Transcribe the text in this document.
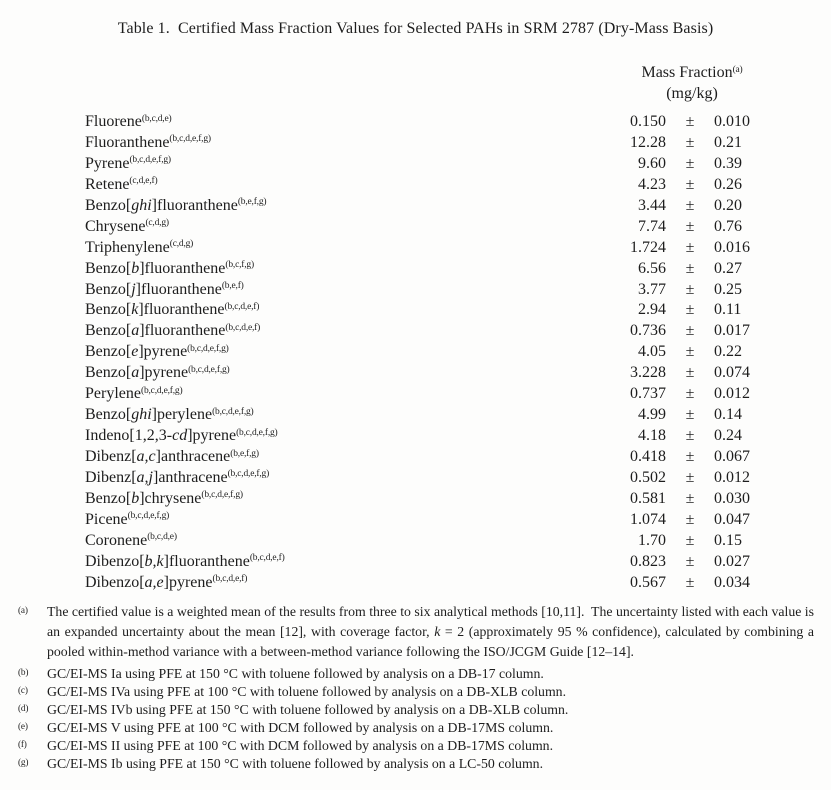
Table 1.  Certified Mass Fraction Values for Selected PAHs in SRM 2787 (Dry-Mass Basis)
Mass Fraction$^{(a)}$
(mg/kg)
Fluorene$^{(b,c,d,e)}$	0.150	±	0.010
Fluoranthene$^{(b,c,d,e,f,g)}$	12.28	±	0.21
Pyrene$^{(b,c,d,e,f,g)}$	9.60	±	0.39
Retene$^{(c,d,e,f)}$	4.23	±	0.26
Benzo[ghi]fluoranthene$^{(b,e,f,g)}$	3.44	±	0.20
Chrysene$^{(c,d,g)}$	7.74	±	0.76
Triphenylene$^{(c,d,g)}$	1.724	±	0.016
Benzo[b]fluoranthene$^{(b,c,f,g)}$	6.56	±	0.27
Benzo[j]fluoranthene$^{(b,e,f)}$	3.77	±	0.25
Benzo[k]fluoranthene$^{(b,c,d,e,f)}$	2.94	±	0.11
Benzo[a]fluoranthene$^{(b,c,d,e,f)}$	0.736	±	0.017
Benzo[e]pyrene$^{(b,c,d,e,f,g)}$	4.05	±	0.22
Benzo[a]pyrene$^{(b,c,d,e,f,g)}$	3.228	±	0.074
Perylene$^{(b,c,d,e,f,g)}$	0.737	±	0.012
Benzo[ghi]perylene$^{(b,c,d,e,f,g)}$	4.99	±	0.14
Indeno[1,2,3-cd]pyrene$^{(b,c,d,e,f,g)}$	4.18	±	0.24
Dibenz[a,c]anthracene$^{(b,e,f,g)}$	0.418	±	0.067
Dibenz[a,j]anthracene$^{(b,c,d,e,f,g)}$	0.502	±	0.012
Benzo[b]chrysene$^{(b,c,d,e,f,g)}$	0.581	±	0.030
Picene$^{(b,c,d,e,f,g)}$	1.074	±	0.047
Coronene$^{(b,c,d,e)}$	1.70	±	0.15
Dibenzo[b,k]fluoranthene$^{(b,c,d,e,f)}$	0.823	±	0.027
Dibenzo[a,e]pyrene$^{(b,c,d,e,f)}$	0.567	±	0.034
(a) The certified value is a weighted mean of the results from three to six analytical methods [10,11].  The uncertainty listed with each value is an expanded uncertainty about the mean [12], with coverage factor, k = 2 (approximately 95 % confidence), calculated by combining a pooled within-method variance with a between-method variance following the ISO/JCGM Guide [12–14].
(b) GC/EI-MS Ia using PFE at 150 °C with toluene followed by analysis on a DB-17 column.
(c) GC/EI-MS IVa using PFE at 100 °C with toluene followed by analysis on a DB-XLB column.
(d) GC/EI-MS IVb using PFE at 150 °C with toluene followed by analysis on a DB-XLB column.
(e) GC/EI-MS V using PFE at 100 °C with DCM followed by analysis on a DB-17MS column.
(f) GC/EI-MS II using PFE at 100 °C with DCM followed by analysis on a DB-17MS column.
(g) GC/EI-MS Ib using PFE at 150 °C with toluene followed by analysis on a LC-50 column.
